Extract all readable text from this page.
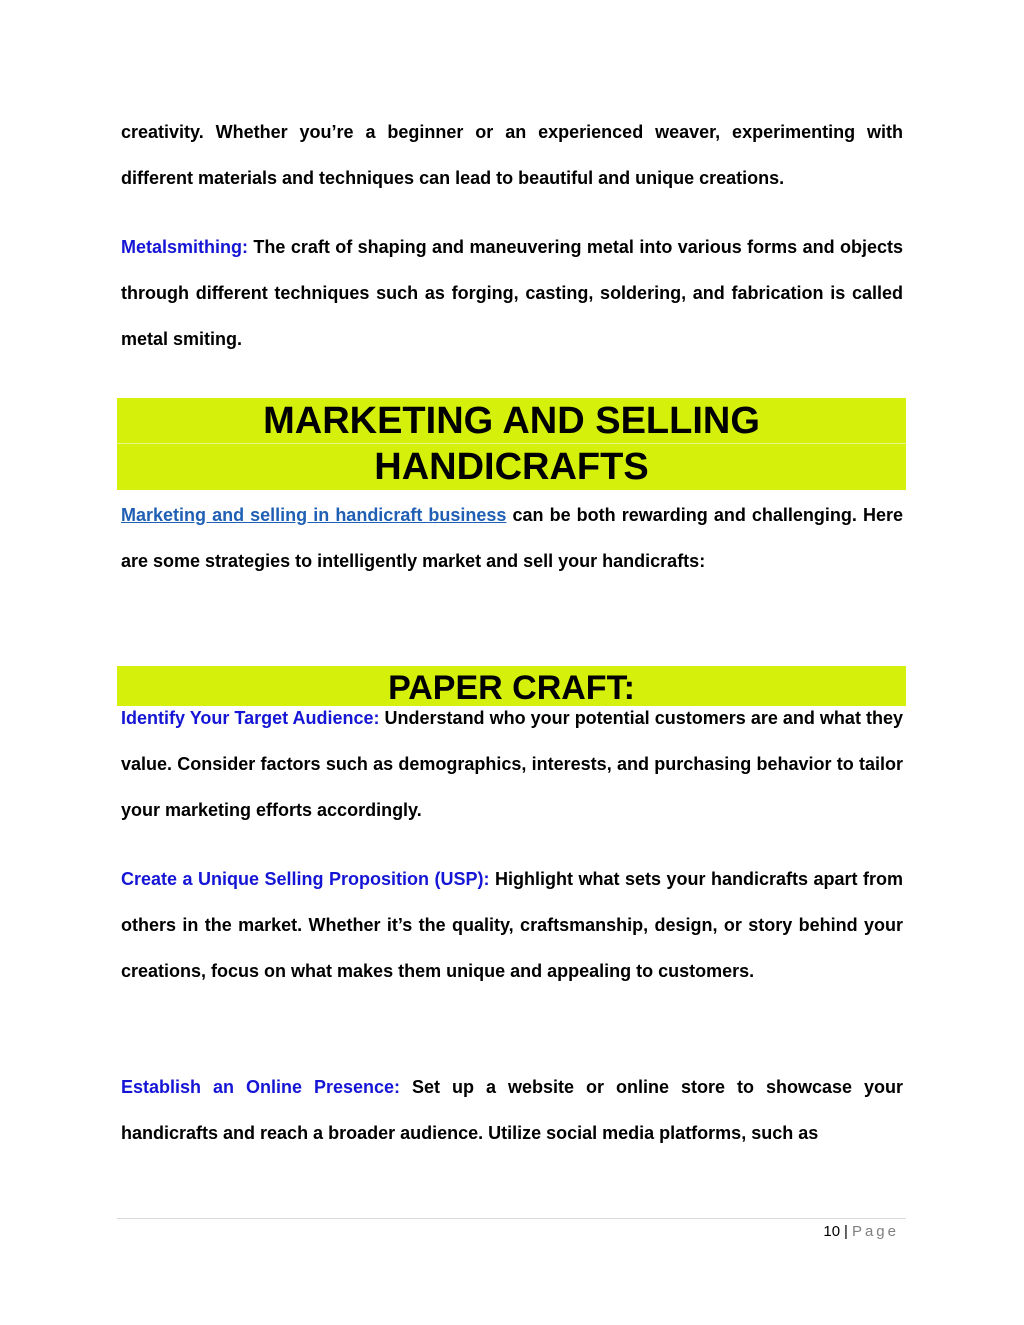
creativity. Whether you’re a beginner or an experienced weaver, experimenting with different materials and techniques can lead to beautiful and unique creations.

Metalsmithing: The craft of shaping and maneuvering metal into various forms and objects through different techniques such as forging, casting, soldering, and fabrication is called metal smiting.

MARKETING AND SELLING
HANDICRAFTS

Marketing and selling in handicraft business can be both rewarding and challenging. Here are some strategies to intelligently market and sell your handicrafts:

PAPER CRAFT:

Identify Your Target Audience: Understand who your potential customers are and what they value. Consider factors such as demographics, interests, and purchasing behavior to tailor your marketing efforts accordingly.

Create a Unique Selling Proposition (USP): Highlight what sets your handicrafts apart from others in the market. Whether it’s the quality, craftsmanship, design, or story behind your creations, focus on what makes them unique and appealing to customers.

Establish an Online Presence: Set up a website or online store to showcase your handicrafts and reach a broader audience. Utilize social media platforms, such as

10 | Page
